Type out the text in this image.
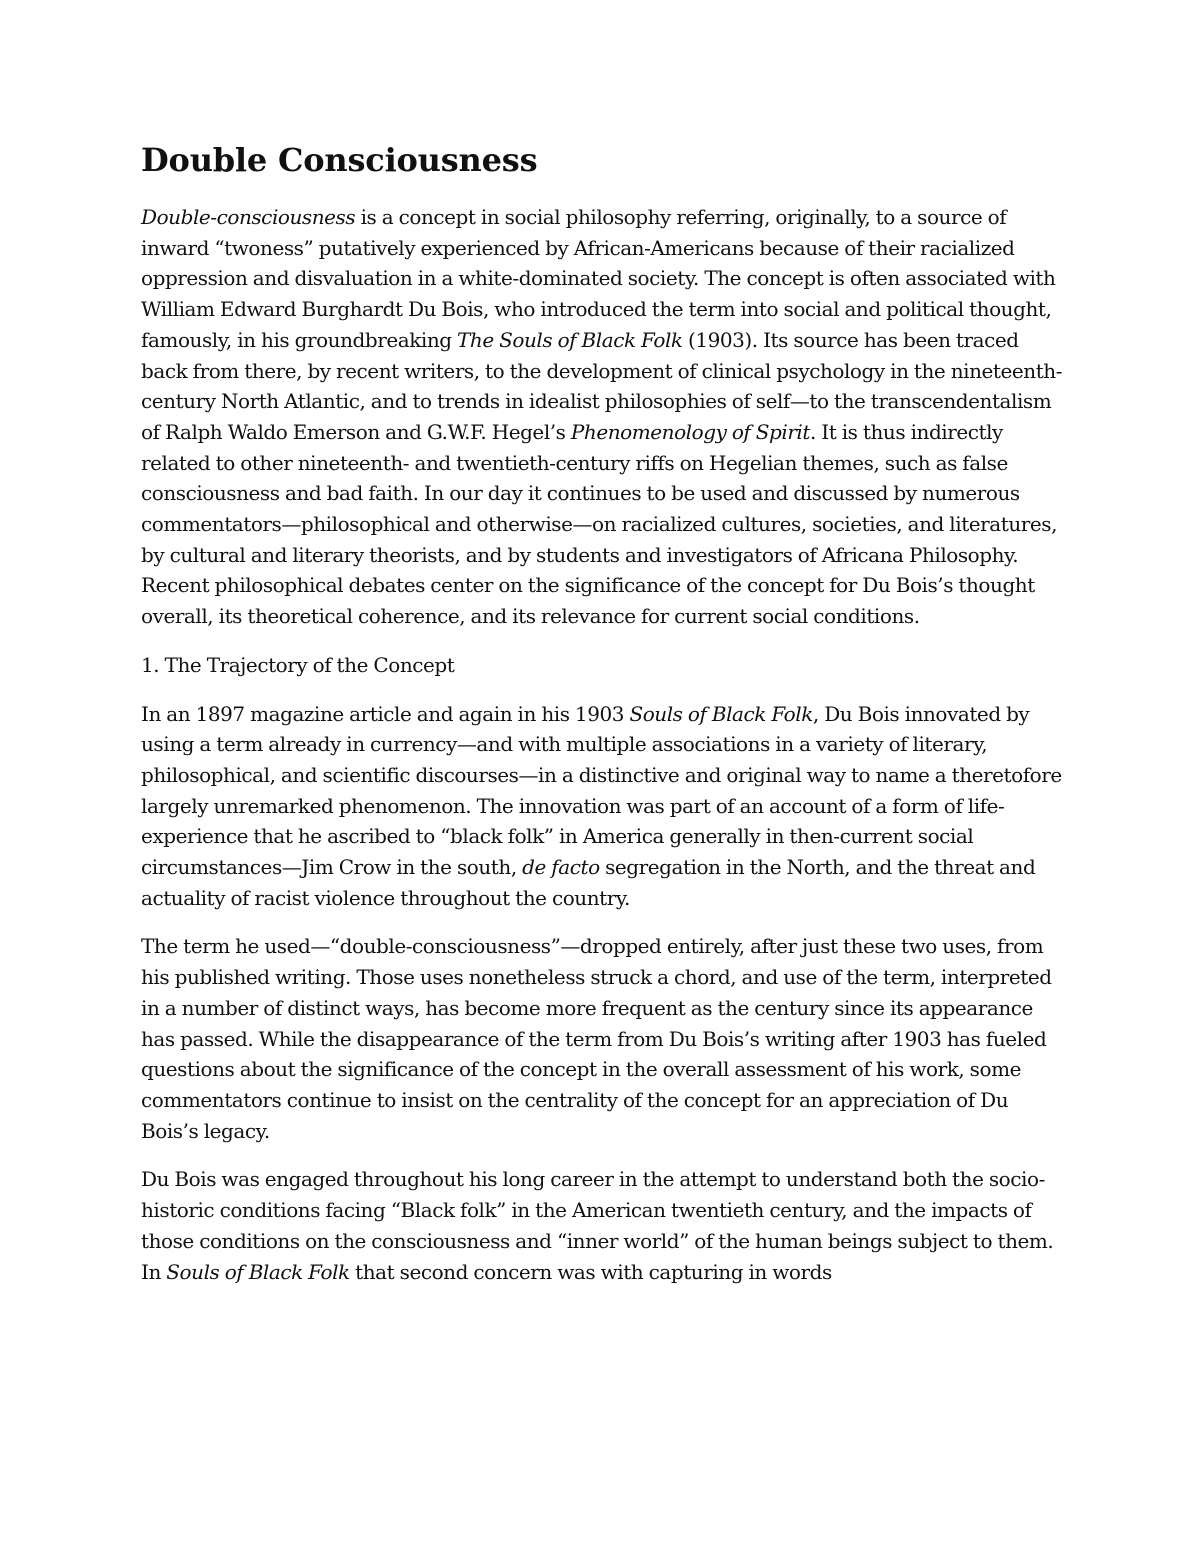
Double Consciousness

Double-consciousness is a concept in social philosophy referring, originally, to a source of inward “twoness” putatively experienced by African-Americans because of their racialized oppression and disvaluation in a white-dominated society. The concept is often associated with William Edward Burghardt Du Bois, who introduced the term into social and political thought, famously, in his groundbreaking The Souls of Black Folk (1903). Its source has been traced back from there, by recent writers, to the development of clinical psychology in the nineteenth-century North Atlantic, and to trends in idealist philosophies of self—to the transcendentalism of Ralph Waldo Emerson and G.W.F. Hegel’s Phenomenology of Spirit. It is thus indirectly related to other nineteenth- and twentieth-century riffs on Hegelian themes, such as false consciousness and bad faith. In our day it continues to be used and discussed by numerous commentators—philosophical and otherwise—on racialized cultures, societies, and literatures, by cultural and literary theorists, and by students and investigators of Africana Philosophy. Recent philosophical debates center on the significance of the concept for Du Bois’s thought overall, its theoretical coherence, and its relevance for current social conditions.

1. The Trajectory of the Concept

In an 1897 magazine article and again in his 1903 Souls of Black Folk, Du Bois innovated by using a term already in currency—and with multiple associations in a variety of literary, philosophical, and scientific discourses—in a distinctive and original way to name a theretofore largely unremarked phenomenon. The innovation was part of an account of a form of life-experience that he ascribed to “black folk” in America generally in then-current social circumstances—Jim Crow in the south, de facto segregation in the North, and the threat and actuality of racist violence throughout the country.

The term he used—“double-consciousness”—dropped entirely, after just these two uses, from his published writing. Those uses nonetheless struck a chord, and use of the term, interpreted in a number of distinct ways, has become more frequent as the century since its appearance has passed. While the disappearance of the term from Du Bois’s writing after 1903 has fueled questions about the significance of the concept in the overall assessment of his work, some commentators continue to insist on the centrality of the concept for an appreciation of Du Bois’s legacy.

Du Bois was engaged throughout his long career in the attempt to understand both the socio-historic conditions facing “Black folk” in the American twentieth century, and the impacts of those conditions on the consciousness and “inner world” of the human beings subject to them. In Souls of Black Folk that second concern was with capturing in words
